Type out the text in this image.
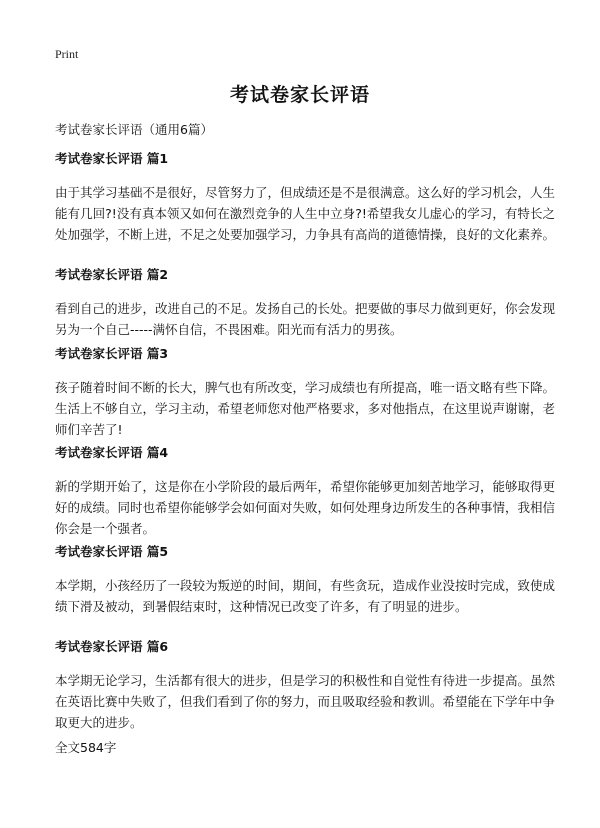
Print
考试卷家长评语
考试卷家长评语（通用6篇）
考试卷家长评语 篇1

由于其学习基础不是很好，尽管努力了，但成绩还是不是很满意。这么好的学习机会，人生能有几回?!没有真本领又如何在激烈竞争的人生中立身?!希望我女儿虚心的学习，有特长之处加强学，不断上进，不足之处要加强学习，力争具有高尚的道德情操，良好的文化素养。

考试卷家长评语 篇2

看到自己的进步，改进自己的不足。发扬自己的长处。把要做的事尽力做到更好，你会发现另为一个自己-----满怀自信，不畏困难。阳光而有活力的男孩。

考试卷家长评语 篇3

孩子随着时间不断的长大，脾气也有所改变，学习成绩也有所提高，唯一语文略有些下降。生活上不够自立，学习主动，希望老师您对他严格要求，多对他指点，在这里说声谢谢，老师们辛苦了!

考试卷家长评语 篇4

新的学期开始了，这是你在小学阶段的最后两年，希望你能够更加刻苦地学习，能够取得更好的成绩。同时也希望你能够学会如何面对失败，如何处理身边所发生的各种事情，我相信你会是一个强者。

考试卷家长评语 篇5

本学期，小孩经历了一段较为叛逆的时间，期间，有些贪玩，造成作业没按时完成，致使成绩下滑及被动，到暑假结束时，这种情况已改变了许多，有了明显的进步。

考试卷家长评语 篇6

本学期无论学习，生活都有很大的进步，但是学习的积极性和自觉性有待进一步提高。虽然在英语比赛中失败了，但我们看到了你的努力，而且吸取经验和教训。希望能在下学年中争取更大的进步。

全文584字
